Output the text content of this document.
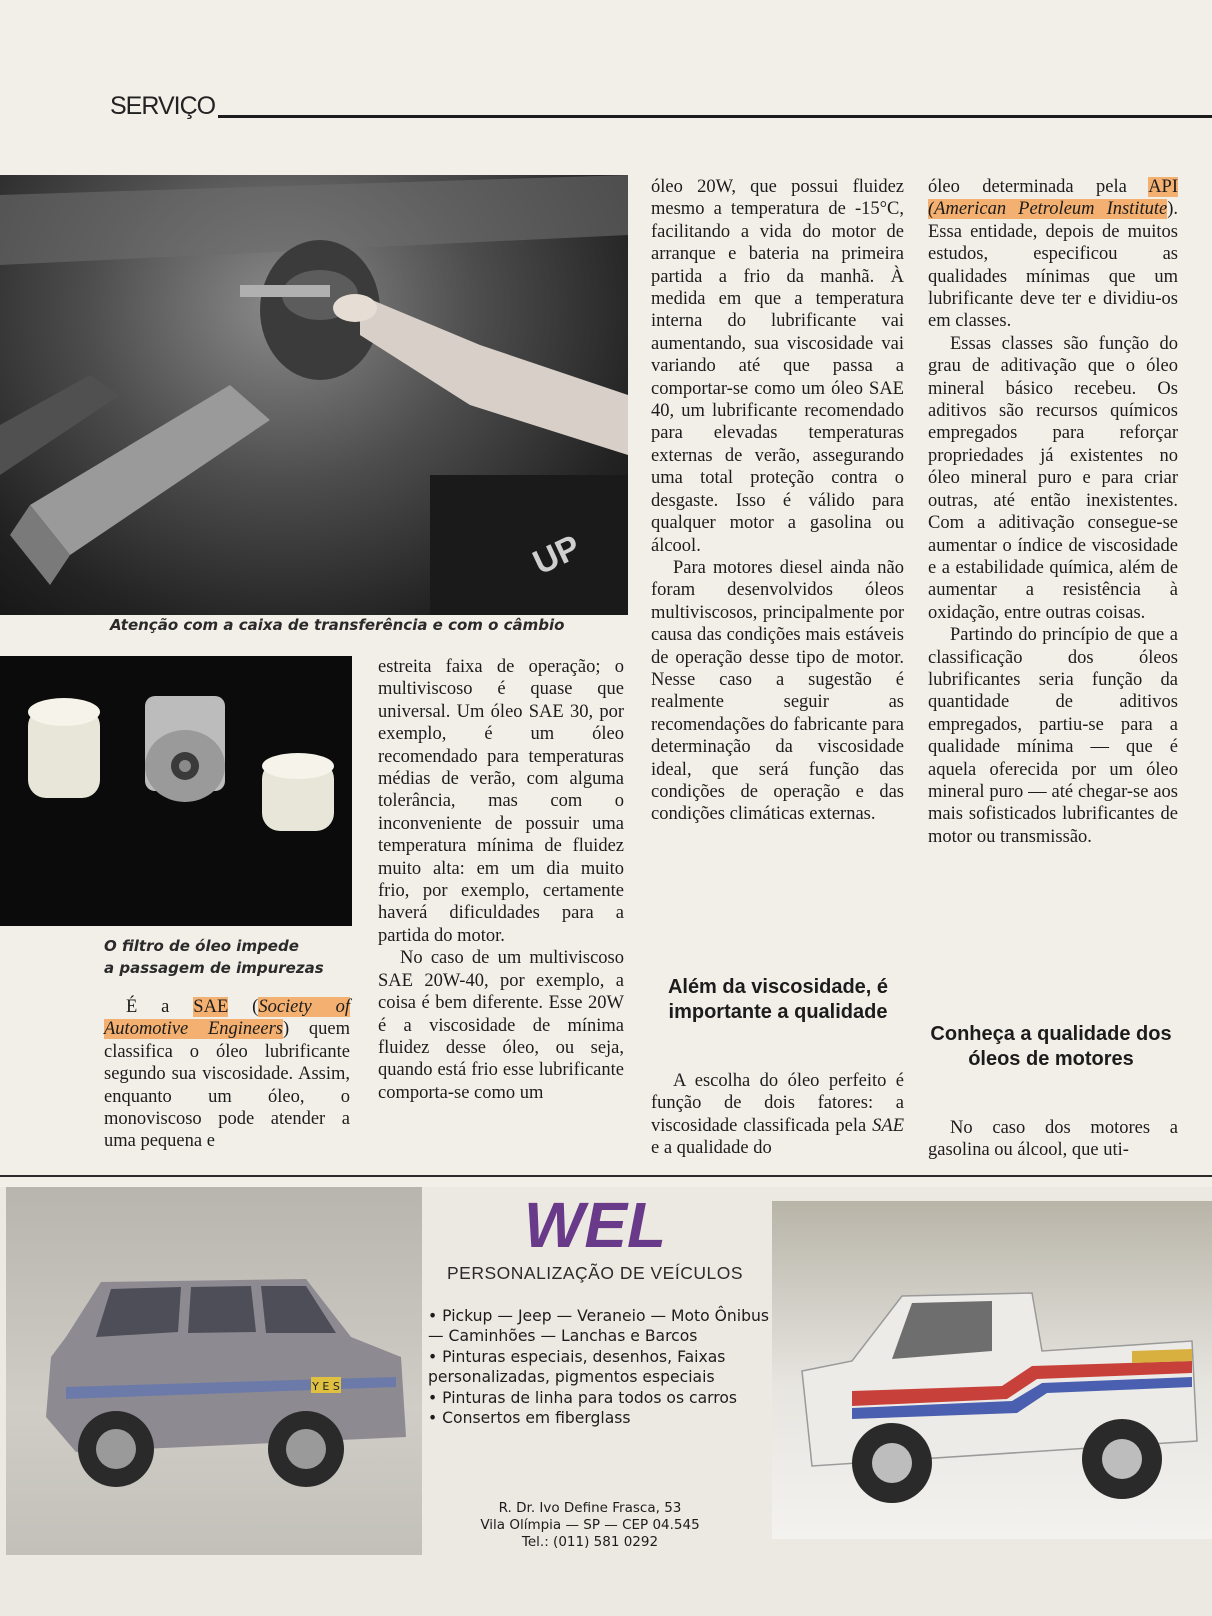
SERVIÇO
UP
Atenção com a caixa de transferência e com o câmbio
O filtro de óleo impede
a passagem de impurezas

É a SAE (Society of Automotive Engineers) quem classifica o óleo lubrificante segundo sua viscosidade. Assim, enquanto um óleo, o monoviscoso pode atender a uma pequena e

estreita faixa de operação; o multiviscoso é quase que universal. Um óleo SAE 30, por exemplo, é um óleo recomendado para temperaturas médias de verão, com alguma tolerância, mas com o inconveniente de possuir uma temperatura mínima de fluidez muito alta: em um dia muito frio, por exemplo, certamente haverá dificuldades para a partida do motor.

No caso de um multiviscoso SAE 20W-40, por exemplo, a coisa é bem diferente. Esse 20W é a viscosidade de mínima fluidez desse óleo, ou seja, quando está frio esse lubrificante comporta-se como um

óleo 20W, que possui fluidez mesmo a temperatura de -15°C, facilitando a vida do motor de arranque e bateria na primeira partida a frio da manhã. À medida em que a temperatura interna do lubrificante vai aumentando, sua viscosidade vai variando até que passa a comportar-se como um óleo SAE 40, um lubrificante recomendado para elevadas temperaturas externas de verão, assegurando uma total proteção contra o desgaste. Isso é válido para qualquer motor a gasolina ou álcool.

Para motores diesel ainda não foram desenvolvidos óleos multiviscosos, principalmente por causa das condições mais estáveis de operação desse tipo de motor. Nesse caso a sugestão é realmente seguir as recomendações do fabricante para determinação da viscosidade ideal, que será função das condições de operação e das condições climáticas externas.

Além da viscosidade, é importante a qualidade

A escolha do óleo perfeito é função de dois fatores: a viscosidade classificada pela SAE e a qualidade do

óleo determinada pela API (American Petroleum Institute). Essa entidade, depois de muitos estudos, especificou as qualidades mínimas que um lubrificante deve ter e dividiu-os em classes.

Essas classes são função do grau de aditivação que o óleo mineral básico recebeu. Os aditivos são recursos químicos empregados para reforçar propriedades já existentes no óleo mineral puro e para criar outras, até então inexistentes. Com a aditivação consegue-se aumentar o índice de viscosidade e a estabilidade química, além de aumentar a resistência à oxidação, entre outras coisas.

Partindo do princípio de que a classificação dos óleos lubrificantes seria função da quantidade de aditivos empregados, partiu-se para a qualidade mínima — que é aquela oferecida por um óleo mineral puro — até chegar-se aos mais sofisticados lubrificantes de motor ou transmissão.

Conheça a qualidade dos óleos de motores

No caso dos motores a gasolina ou álcool, que uti-

Y E S
WEL
PERSONALIZAÇÃO DE VEÍCULOS
• Pickup — Jeep — Veraneio — Moto Ônibus — Caminhões — Lanchas e Barcos
• Pinturas especiais, desenhos, Faixas personalizadas, pigmentos especiais
• Pinturas de linha para todos os carros
• Consertos em fiberglass
R. Dr. Ivo Define Frasca, 53
Vila Olímpia — SP — CEP 04.545
Tel.: (011) 581 0292
